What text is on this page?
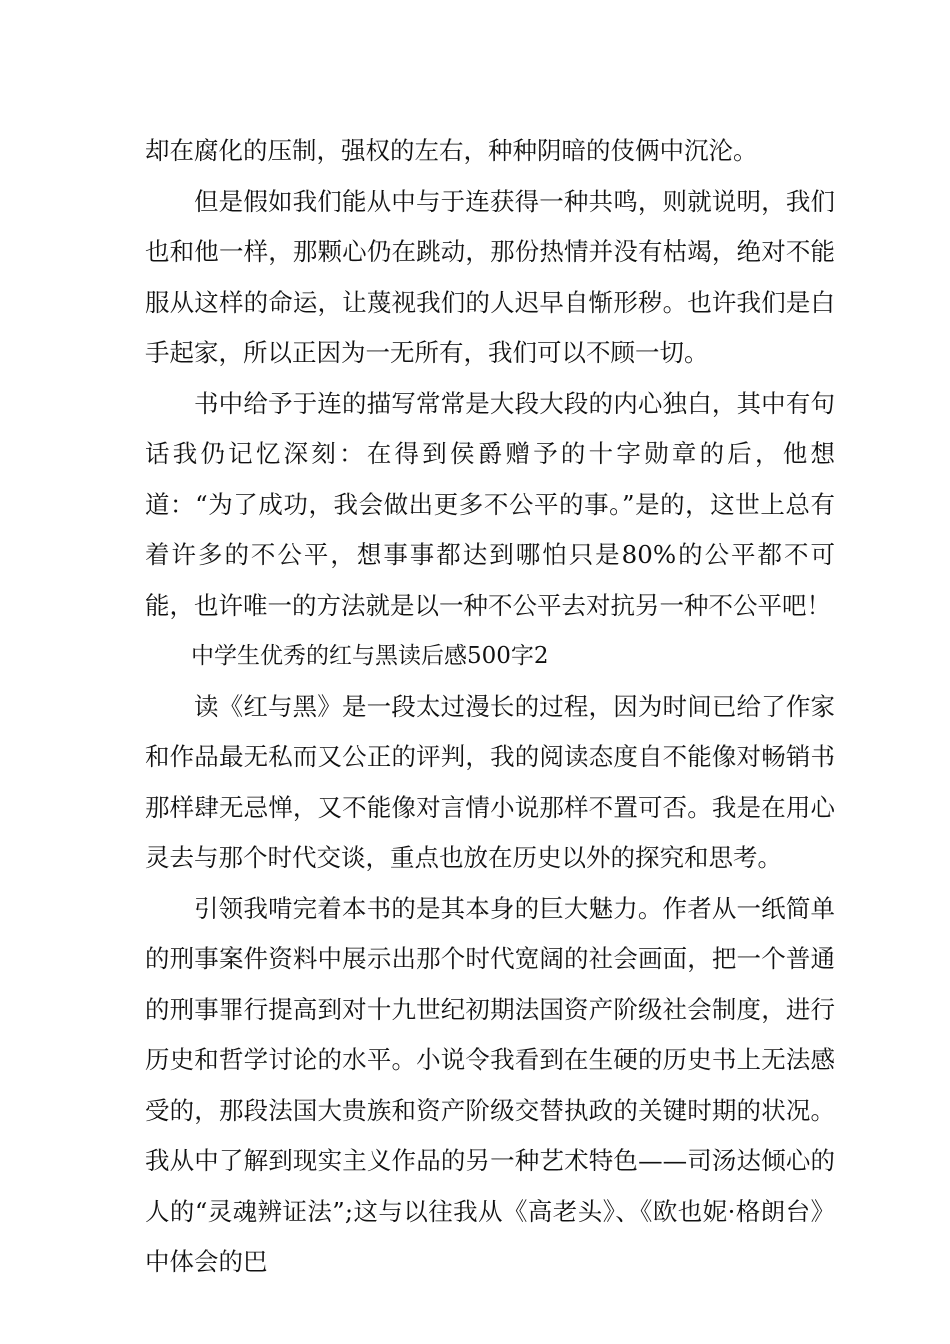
却在腐化的压制，强权的左右，种种阴暗的伎俩中沉沦。

但是假如我们能从中与于连获得一种共鸣，则就说明，我们也和他一样，那颗心仍在跳动，那份热情并没有枯竭，绝对不能服从这样的命运，让蔑视我们的人迟早自惭形秽。也许我们是白手起家，所以正因为一无所有，我们可以不顾一切。

书中给予于连的描写常常是大段大段的内心独白，其中有句话我仍记忆深刻：在得到侯爵赠予的十字勋章的后，他想道：“为了成功，我会做出更多不公平的事。”是的，这世上总有着许多的不公平，想事事都达到哪怕只是80%的公平都不可能，也许唯一的方法就是以一种不公平去对抗另一种不公平吧！

中学生优秀的红与黑读后感500字2

读《红与黑》是一段太过漫长的过程，因为时间已给了作家和作品最无私而又公正的评判，我的阅读态度自不能像对畅销书那样肆无忌惮，又不能像对言情小说那样不置可否。我是在用心灵去与那个时代交谈，重点也放在历史以外的探究和思考。

引领我啃完着本书的是其本身的巨大魅力。作者从一纸简单的刑事案件资料中展示出那个时代宽阔的社会画面，把一个普通的刑事罪行提高到对十九世纪初期法国资产阶级社会制度，进行历史和哲学讨论的水平。小说令我看到在生硬的历史书上无法感受的，那段法国大贵族和资产阶级交替执政的关键时期的状况。我从中了解到现实主义作品的另一种艺术特色——司汤达倾心的人的“灵魂辨证法”;这与以往我从《高老头》、《欧也妮·格朗台》中体会的巴
